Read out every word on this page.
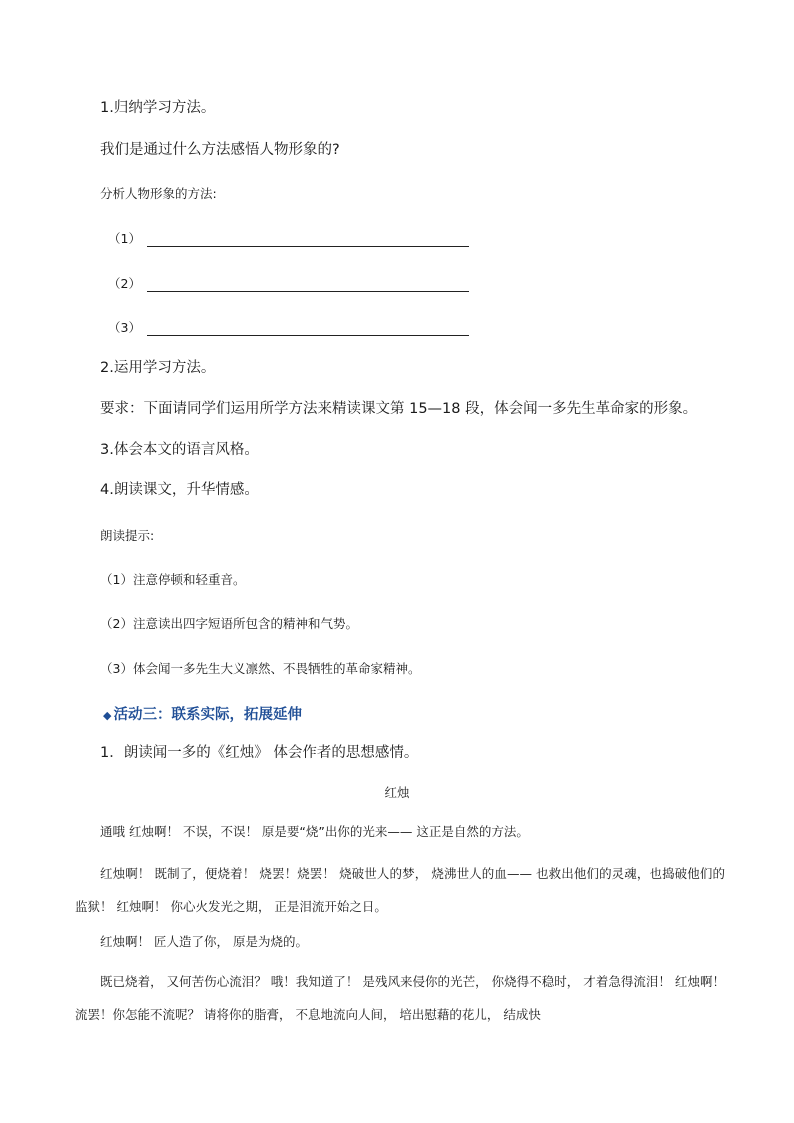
1.归纳学习方法。
我们是通过什么方法感悟人物形象的?
分析人物形象的方法:
（1）
（2）
（3）
2.运用学习方法。
要求：下面请同学们运用所学方法来精读课文第 15—18 段，体会闻一多先生革命家的形象。
3.体会本文的语言风格。
4.朗读课文，升华情感。
朗读提示:
（1）注意停顿和轻重音。
（2）注意读出四字短语所包含的精神和气势。
（3）体会闻一多先生大义凛然、不畏牺牲的革命家精神。
◆ 活动三：联系实际，拓展延伸
1．朗读闻一多的《红烛》 体会作者的思想感情。
红烛
通哦 红烛啊！ 不误，不误！ 原是要“烧”出你的光来—— 这正是自然的方法。
红烛啊！ 既制了，便烧着！ 烧罢！烧罢！ 烧破世人的梦， 烧沸世人的血—— 也救出他们的灵魂，也捣破他们的监狱！ 红烛啊！ 你心火发光之期， 正是泪流开始之日。
红烛啊！ 匠人造了你， 原是为烧的。
既已烧着， 又何苦伤心流泪？ 哦！我知道了！ 是残风来侵你的光芒， 你烧得不稳时， 才着急得流泪！ 红烛啊！ 流罢！你怎能不流呢？ 请将你的脂膏， 不息地流向人间， 培出慰藉的花儿， 结成快
